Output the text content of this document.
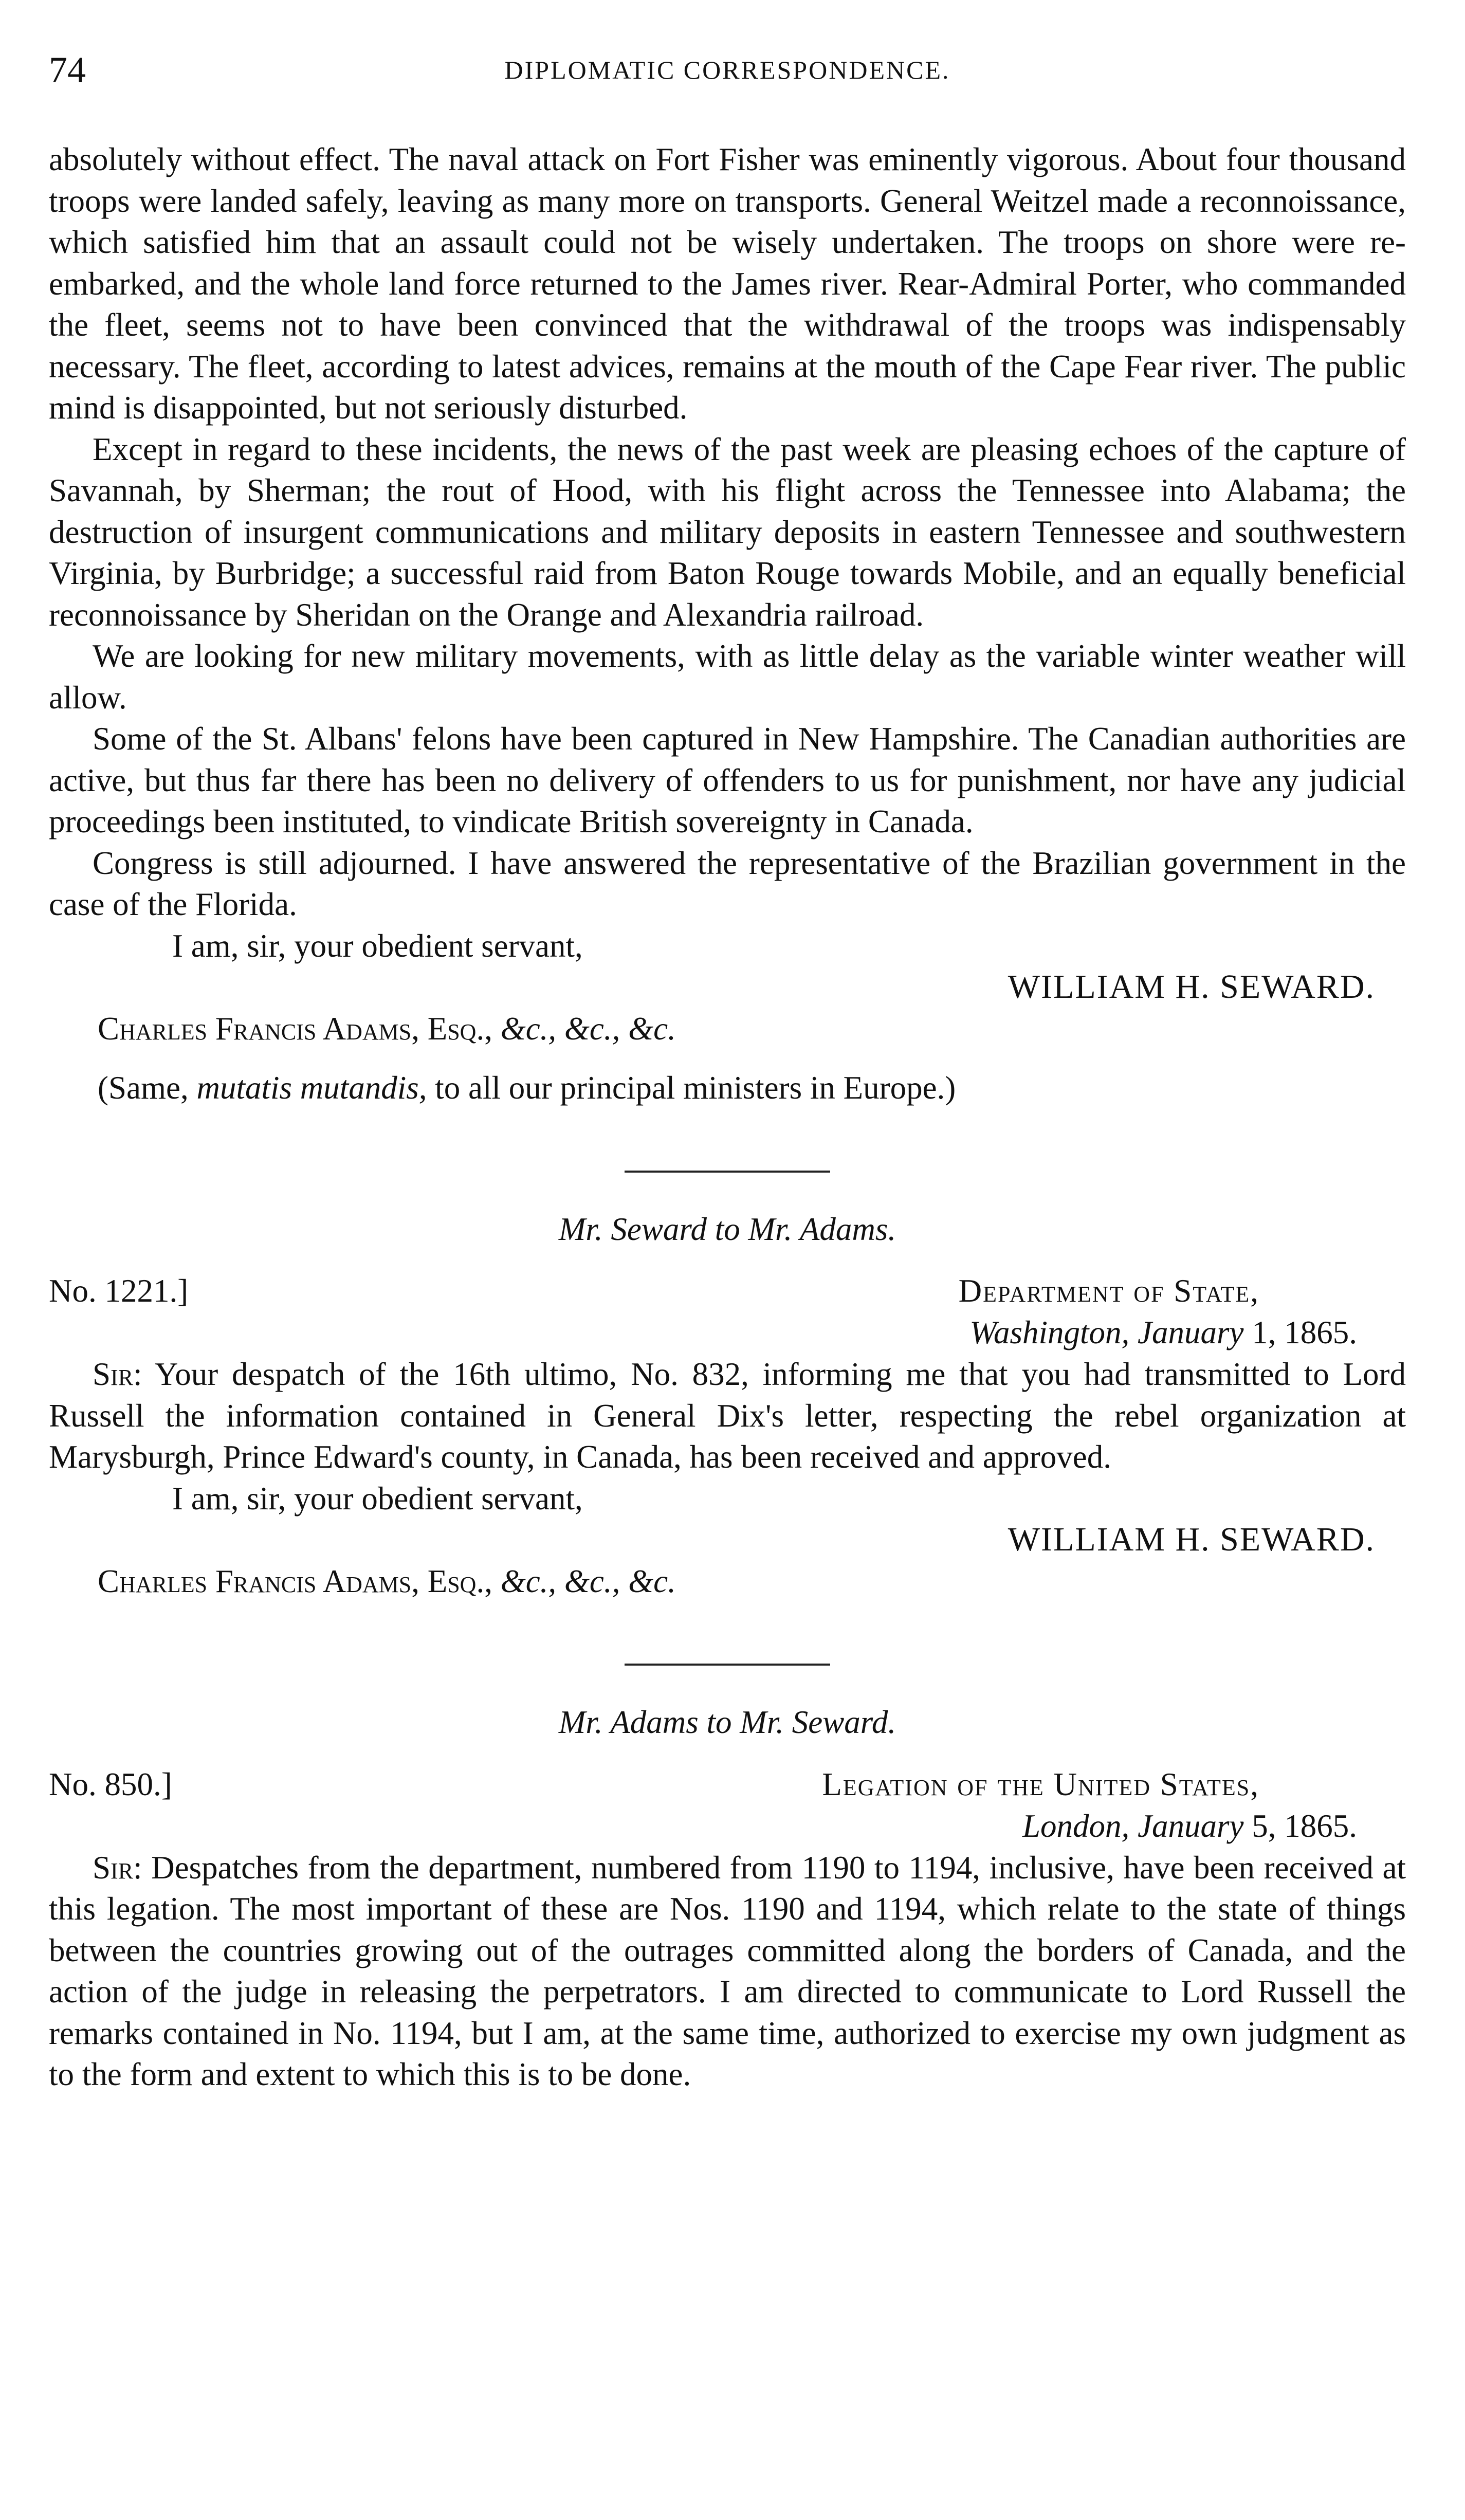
74	DIPLOMATIC CORRESPONDENCE.

absolutely without effect. The naval attack on Fort Fisher was eminently vigorous. About four thousand troops were landed safely, leaving as many more on transports. General Weitzel made a reconnoissance, which satisfied him that an assault could not be wisely undertaken. The troops on shore were re-embarked, and the whole land force returned to the James river. Rear-Admiral Porter, who commanded the fleet, seems not to have been convinced that the withdrawal of the troops was indispensably necessary. The fleet, according to latest advices, remains at the mouth of the Cape Fear river. The public mind is disappointed, but not seriously disturbed.

Except in regard to these incidents, the news of the past week are pleasing echoes of the capture of Savannah, by Sherman; the rout of Hood, with his flight across the Tennessee into Alabama; the destruction of insurgent communications and military deposits in eastern Tennessee and southwestern Virginia, by Burbridge; a successful raid from Baton Rouge towards Mobile, and an equally beneficial reconnoissance by Sheridan on the Orange and Alexandria railroad.

We are looking for new military movements, with as little delay as the variable winter weather will allow.

Some of the St. Albans' felons have been captured in New Hampshire. The Canadian authorities are active, but thus far there has been no delivery of offenders to us for punishment, nor have any judicial proceedings been instituted, to vindicate British sovereignty in Canada.

Congress is still adjourned. I have answered the representative of the Brazilian government in the case of the Florida.

I am, sir, your obedient servant,

WILLIAM H. SEWARD.

Charles Francis Adams, Esq., &c., &c., &c.

(Same, mutatis mutandis, to all our principal ministers in Europe.)

Mr. Seward to Mr. Adams.

No. 1221.]	Department of State,
Washington, January 1, 1865.

Sir: Your despatch of the 16th ultimo, No. 832, informing me that you had transmitted to Lord Russell the information contained in General Dix's letter, respecting the rebel organization at Marysburgh, Prince Edward's county, in Canada, has been received and approved.

I am, sir, your obedient servant,

WILLIAM H. SEWARD.

Charles Francis Adams, Esq., &c., &c., &c.

Mr. Adams to Mr. Seward.

No. 850.]	Legation of the United States,
London, January 5, 1865.

Sir: Despatches from the department, numbered from 1190 to 1194, inclusive, have been received at this legation. The most important of these are Nos. 1190 and 1194, which relate to the state of things between the countries growing out of the outrages committed along the borders of Canada, and the action of the judge in releasing the perpetrators. I am directed to communicate to Lord Russell the remarks contained in No. 1194, but I am, at the same time, authorized to exercise my own judgment as to the form and extent to which this is to be done.
